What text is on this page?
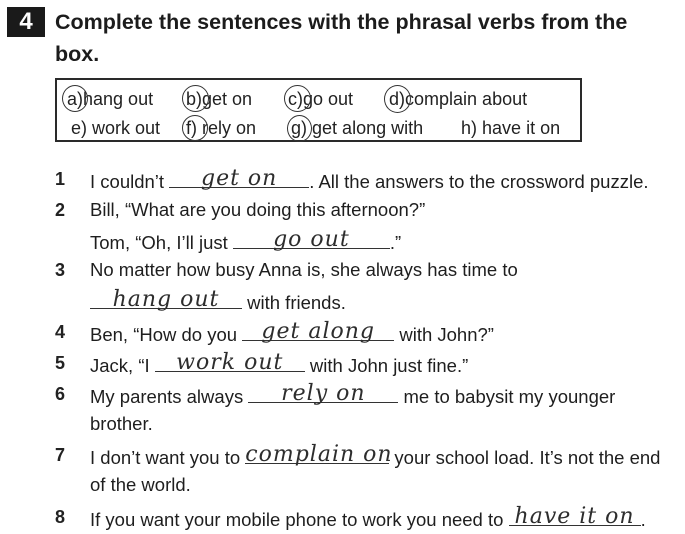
4	Complete the sentences with the phrasal verbs from the
box.
a)hang out b)get on c)go out d)complain about
e) work out f) rely on g) get along with h) have it on
1	I couldn’t	get on	. All the answers to the crossword puzzle.
2	Bill, “What are you doing this afternoon?”
Tom, “Oh, I’ll just	go out	.”
3	No matter how busy Anna is, she always has time to
hang out	with friends.
4	Ben, “How do you get along	with John?”
5	Jack, “I work out	with John just fine.”
6	My parents always	rely on	me to babysit my younger
brother.
7	I don’t want you to complain on
your school load. It’s not the end
of the world.
8	If you want your mobile phone to work you need to have it on .
